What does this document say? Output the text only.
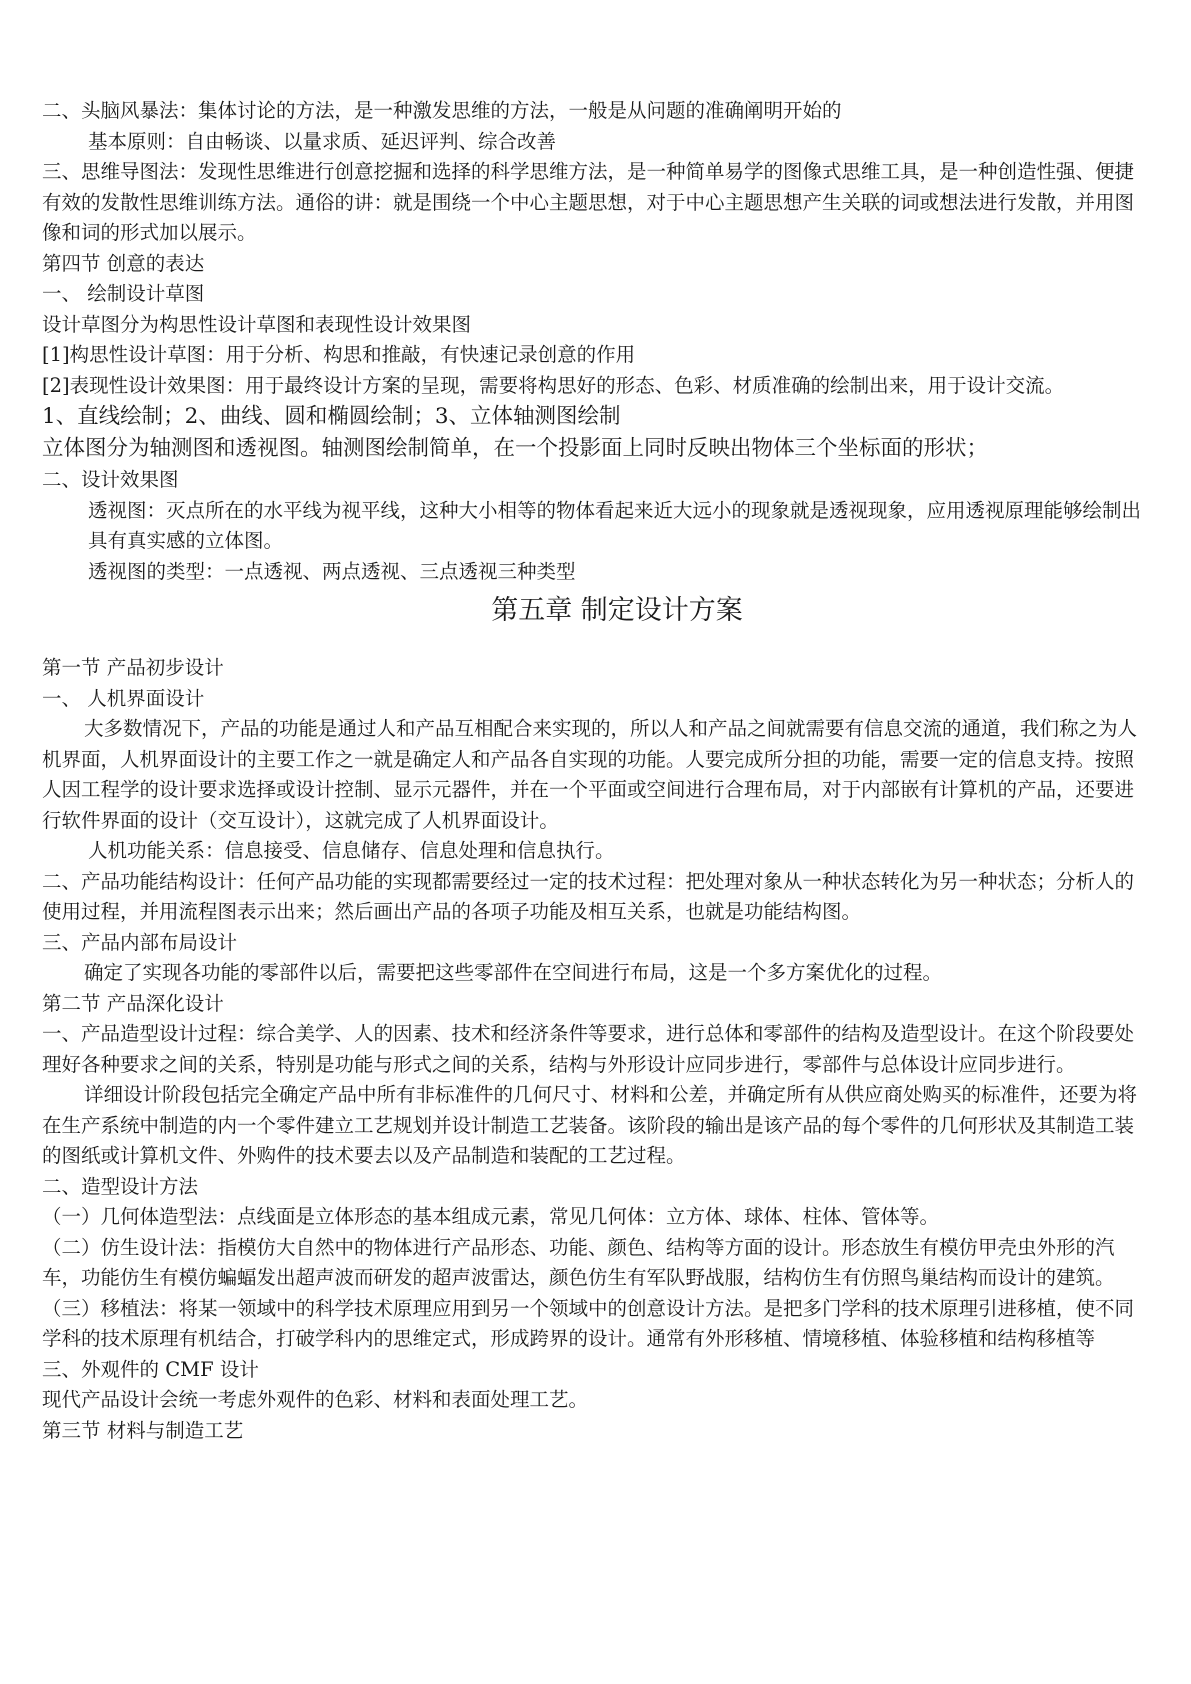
二、头脑风暴法：集体讨论的方法，是一种激发思维的方法，一般是从问题的准确阐明开始的

基本原则：自由畅谈、以量求质、延迟评判、综合改善

三、思维导图法：发现性思维进行创意挖掘和选择的科学思维方法，是一种简单易学的图像式思维工具，是一种创造性强、便捷有效的发散性思维训练方法。通俗的讲：就是围绕一个中心主题思想，对于中心主题思想产生关联的词或想法进行发散，并用图像和词的形式加以展示。

第四节 创意的表达

一、 绘制设计草图

设计草图分为构思性设计草图和表现性设计效果图

[1]构思性设计草图：用于分析、构思和推敲，有快速记录创意的作用

[2]表现性设计效果图：用于最终设计方案的呈现，需要将构思好的形态、色彩、材质准确的绘制出来，用于设计交流。

1、直线绘制；2、曲线、圆和椭圆绘制；3、立体轴测图绘制

立体图分为轴测图和透视图。轴测图绘制简单，在一个投影面上同时反映出物体三个坐标面的形状；

二、设计效果图

透视图：灭点所在的水平线为视平线，这种大小相等的物体看起来近大远小的现象就是透视现象，应用透视原理能够绘制出具有真实感的立体图。

透视图的类型：一点透视、两点透视、三点透视三种类型

第五章 制定设计方案

第一节 产品初步设计

一、 人机界面设计

大多数情况下，产品的功能是通过人和产品互相配合来实现的，所以人和产品之间就需要有信息交流的通道，我们称之为人机界面，人机界面设计的主要工作之一就是确定人和产品各自实现的功能。人要完成所分担的功能，需要一定的信息支持。按照人因工程学的设计要求选择或设计控制、显示元器件，并在一个平面或空间进行合理布局，对于内部嵌有计算机的产品，还要进行软件界面的设计（交互设计），这就完成了人机界面设计。

人机功能关系：信息接受、信息储存、信息处理和信息执行。

二、产品功能结构设计：任何产品功能的实现都需要经过一定的技术过程：把处理对象从一种状态转化为另一种状态；分析人的使用过程，并用流程图表示出来；然后画出产品的各项子功能及相互关系，也就是功能结构图。

三、产品内部布局设计

确定了实现各功能的零部件以后，需要把这些零部件在空间进行布局，这是一个多方案优化的过程。

第二节 产品深化设计

一、产品造型设计过程：综合美学、人的因素、技术和经济条件等要求，进行总体和零部件的结构及造型设计。在这个阶段要处理好各种要求之间的关系，特别是功能与形式之间的关系，结构与外形设计应同步进行，零部件与总体设计应同步进行。

详细设计阶段包括完全确定产品中所有非标准件的几何尺寸、材料和公差，并确定所有从供应商处购买的标准件，还要为将在生产系统中制造的内一个零件建立工艺规划并设计制造工艺装备。该阶段的输出是该产品的每个零件的几何形状及其制造工装的图纸或计算机文件、外购件的技术要去以及产品制造和装配的工艺过程。

二、造型设计方法

（一）几何体造型法：点线面是立体形态的基本组成元素，常见几何体：立方体、球体、柱体、管体等。

（二）仿生设计法：指模仿大自然中的物体进行产品形态、功能、颜色、结构等方面的设计。形态放生有模仿甲壳虫外形的汽车，功能仿生有模仿蝙蝠发出超声波而研发的超声波雷达，颜色仿生有军队野战服，结构仿生有仿照鸟巢结构而设计的建筑。

（三）移植法：将某一领域中的科学技术原理应用到另一个领域中的创意设计方法。是把多门学科的技术原理引进移植，使不同学科的技术原理有机结合，打破学科内的思维定式，形成跨界的设计。通常有外形移植、情境移植、体验移植和结构移植等

三、外观件的 CMF 设计

现代产品设计会统一考虑外观件的色彩、材料和表面处理工艺。

第三节 材料与制造工艺
